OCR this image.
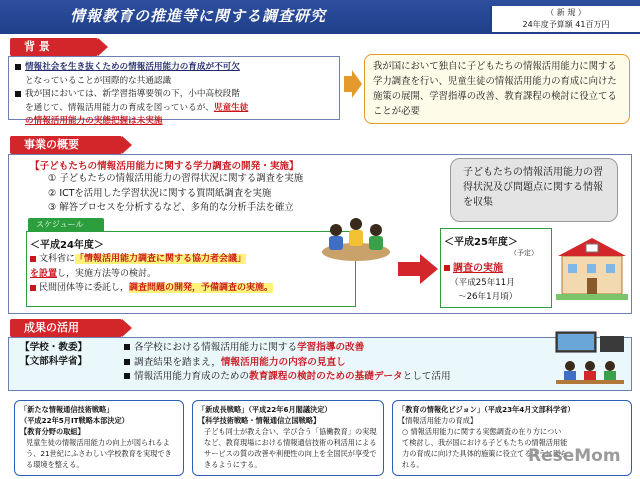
情報教育の推進等に関する調査研究	（ 新 規 ）
24年度予算額 41百万円
背 景
情報社会を生き抜くための情報活用能力の育成が不可欠
となっていることが国際的な共通認識
我が国においては、新学習指導要領の下，小中高校段階
を通じて、情報活用能力の育成を図っているが、児童生徒
の情報活用能力の実態把握は未実施
我が国において独自に子どもたちの情報活用能力に関する学力調査を行い、児童生徒の情報活用能力の育成に向けた施策の展開、学習指導の改善、教育課程の検討に役立てることが必要
事業の概要
【子どもたちの情報活用能力に関する学力調査の開発・実施】
① 子どもたちの情報活用能力の習得状況に関する調査を実施
② ICTを活用した学習状況に関する質問紙調査を実施
③ 解答プロセスを分析するなど、多角的な分析手法を確立
子どもたちの情報活用能力の習得状況及び問題点に関する情報を収集
スケジュール
＜平成24年度＞
文科省に「情報活用能力調査に関する協力者会議」
を設置し，実施方法等の検討。
民間団体等に委託し，調査問題の開発，予備調査の実施。
＜平成25年度＞
（予定）
調査の実施
（平成25年11月
～26年1月頃）
成果の活用
【学校・教委】
【文部科学省】
各学校における情報活用能力に関する学習指導の改善
調査結果を踏まえ，情報活用能力の内容の見直し
情報活用能力育成のための教育課程の検討のための基礎データとして活用
「新たな情報通信技術戦略」
（平成22年5月IT戦略本部決定）
【教育分野の取組】
児童生徒の情報活用能力の向上が図られるよう、21世紀にふさわしい学校教育を実現できる環境を整える。
「新成長戦略」（平成22年6月閣議決定）
【科学技術戦略・情報通信立国戦略】
子ども同士が教え合い、学び合う「協働教育」の実現など、教育現場における情報通信技術の利活用によるサービスの質の改善や利便性の向上を全国民が享受できるようにする。
「教育の情報化ビジョン」（平成23年4月文部科学省）
【情報活用能力の育成】
○ 情報活用能力に関する実態調査の在り方について検討し、我が国における子どもたちの情報活用能力の育成に向けた具体的施策に役立てるように図られる。	ReseMom
